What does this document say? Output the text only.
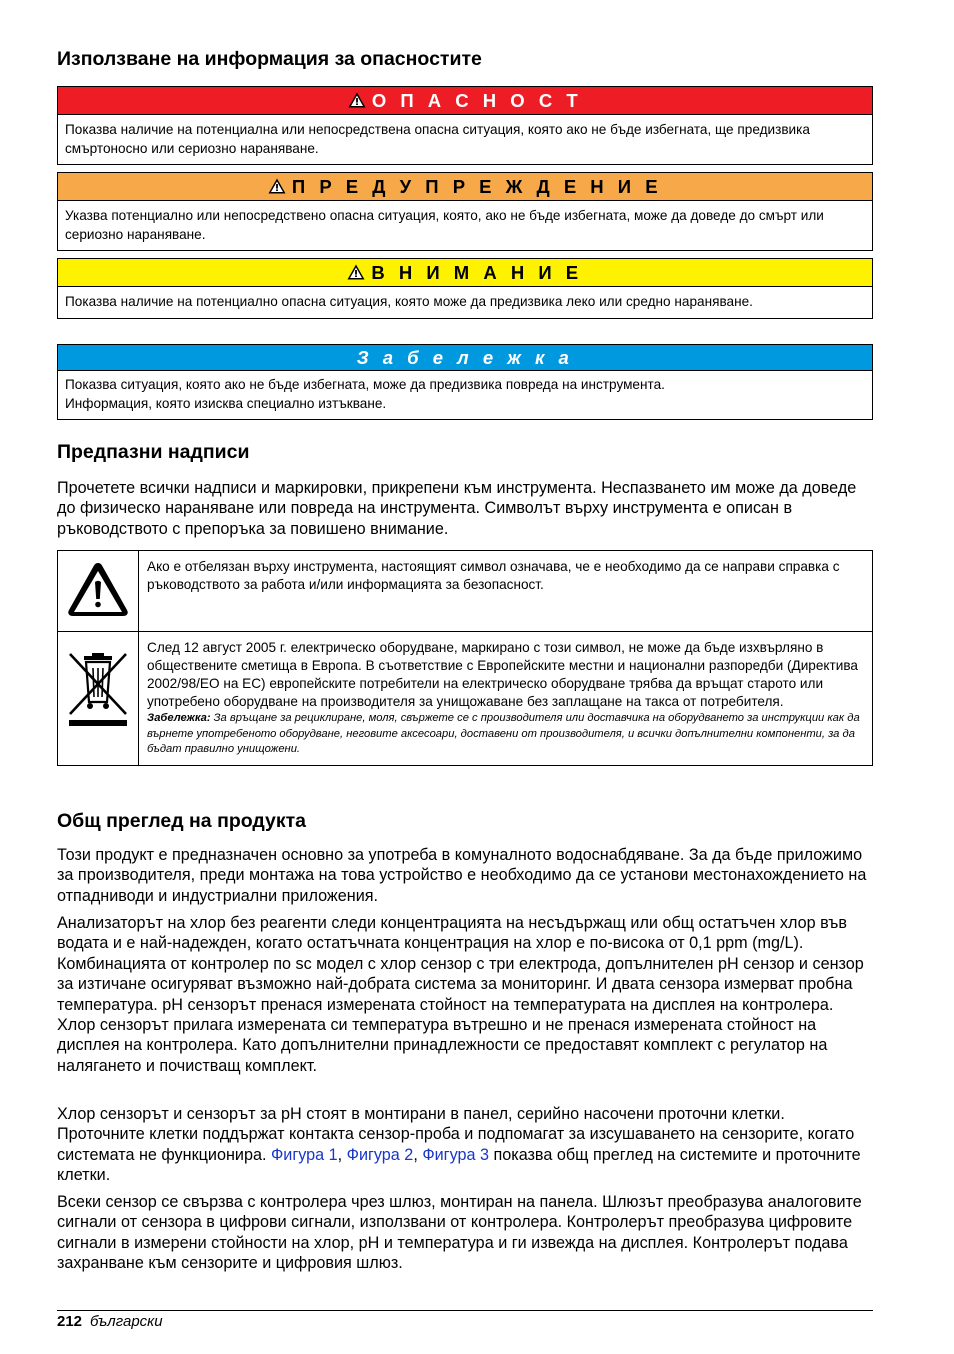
Използване на информация за опасностите
О П А С Н О С Т
Показва наличие на потенциална или непосредствена опасна ситуация, която ако не бъде избегната, ще предизвика смъртоносно или сериозно нараняване.
П Р Е Д У П Р Е Ж Д Е Н И Е
Указва потенциално или непосредствено опасна ситуация, която, ако не бъде избегната, може да доведе до смърт или сериозно нараняване.
В Н И М А Н И Е
Показва наличие на потенциално опасна ситуация, която може да предизвика леко или средно нараняване.
З а б е л е ж к а
Показва ситуация, която ако не бъде избегната, може да предизвика повреда на инструмента.
Информация, която изисква специално изтъкване.
Предпазни надписи

Прочетете всички надписи и маркировки, прикрепени към инструмента. Неспазването им може да доведе до физическо нараняване или повреда на инструмента. Символът върху инструмента е описан в ръководството с препоръка за повишено внимание.

	Ако е отбелязан върху инструмента, настоящият символ означава, че е необходимо да се направи справка с ръководството за работа и/или информацията за безопасност.

След 12 август 2005 г. електрическо оборудване, маркирано с този символ, не може да бъде изхвърляно в обществените сметища в Европа. В съответствие с Европейските местни и национални разпоредби (Директива 2002/98/ЕО на ЕС) европейските потребители на електрическо оборудване трябва да връщат старото или употребено оборудване на производителя за унищожаване без заплащане на такса от потребителя.
Забележка: За връщане за рециклиране, моля, свържете се с производителя или доставчика на оборудването за инструкции как да върнете употребеното оборудване, неговите аксесоари, доставени от производителя, и всички допълнителни компоненти, за да бъдат правилно унищожени.
Общ преглед на продукта

Този продукт е предназначен основно за употреба в комуналното водоснабдяване. За да бъде приложимо за производителя, преди монтажа на това устройство е необходимо да се установи местонахождението на отпадниводи и индустриални приложения.

Анализаторът на хлор без реагенти следи концентрацията на несъдържащ или общ остатъчен хлор във водата и е най-надежден, когато остатъчната концентрация на хлор е по-висока от 0,1 ppm (mg/L). Комбинацията от контролер по sc модел с хлор сензор с три електрода, допълнителен pH сензор и сензор за изтичане осигуряват възможно най-добрата система за мониторинг. И двата сензора измерват пробна температура. pH сензорът пренася измерената стойност на температурата на дисплея на контролера. Хлор сензорът прилага измерената си температура вътрешно и не пренася измерената стойност на дисплея на контролера. Като допълнителни принадлежности се предоставят комплект с регулатор на налягането и почистващ комплект.

Хлор сензорът и сензорът за pH стоят в монтирани в панел, серийно насочени проточни клетки. Проточните клетки поддържат контакта сензор-проба и подпомагат за изсушаването на сензорите, когато системата не функционира. Фигура 1, Фигура 2, Фигура 3 показва общ преглед на системите и проточните клетки.

Всеки сензор се свързва с контролера чрез шлюз, монтиран на панела. Шлюзът преобразува аналоговите сигнали от сензора в цифрови сигнали, използвани от контролера. Контролерът преобразува цифровите сигнали в измерени стойности на хлор, pH и температура и ги извежда на дисплея. Контролерът подава захранване към сензорите и цифровия шлюз.

212 български
